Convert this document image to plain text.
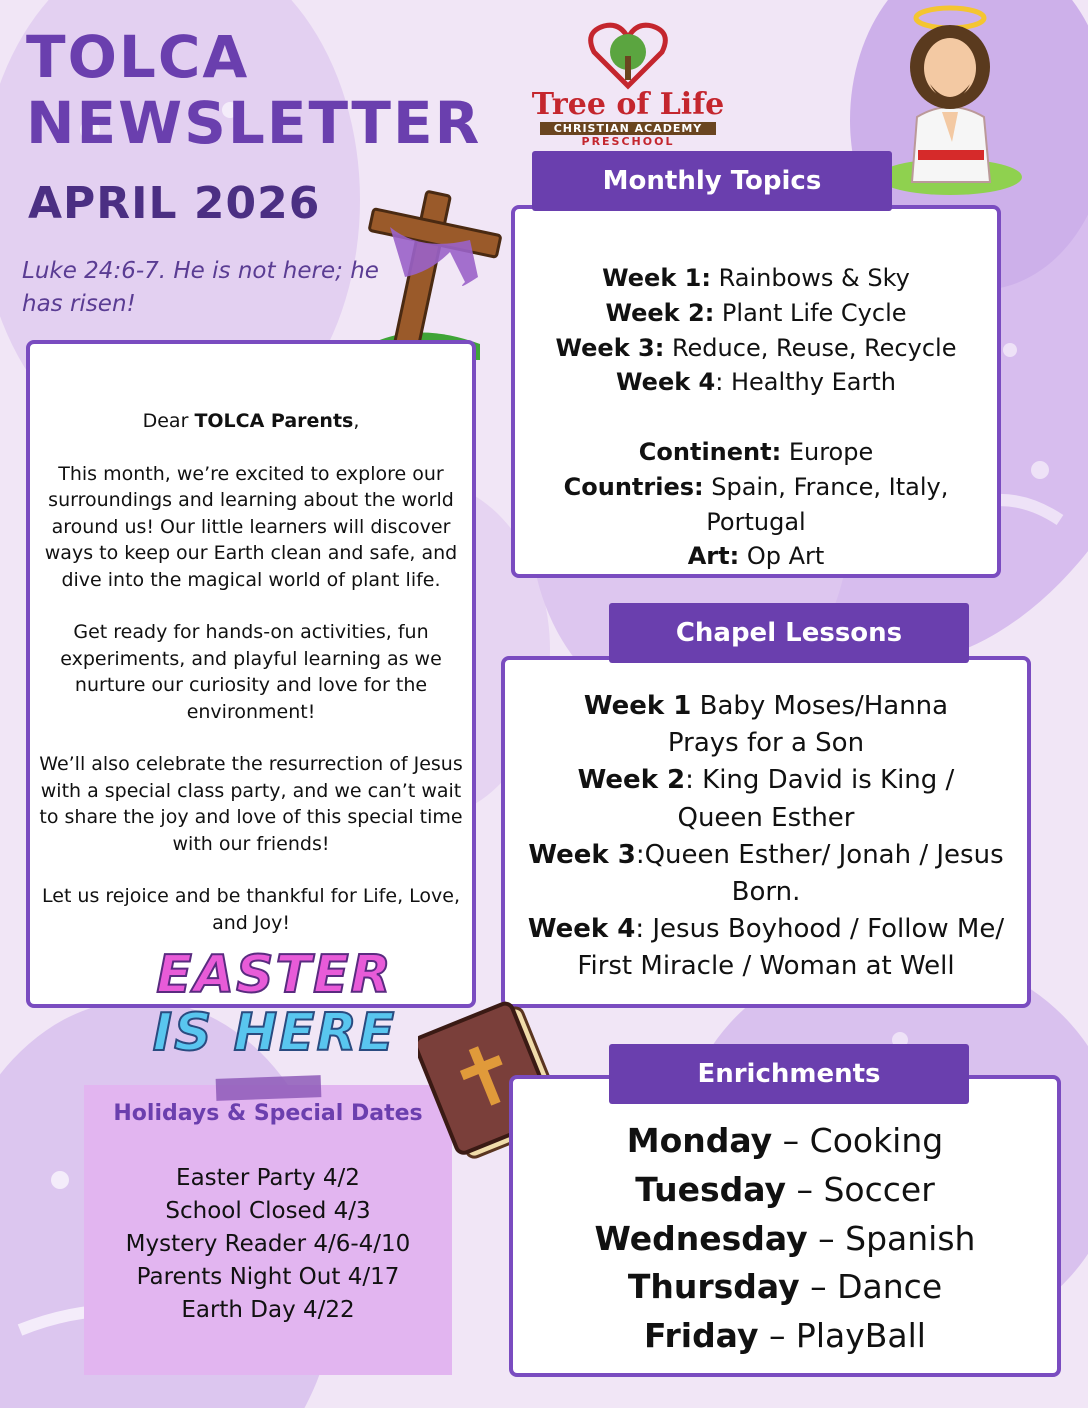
TOLCA
NEWSLETTER
APRIL 2026

Luke 24:6-7. He is not here; he has risen!

Tree of Life
CHRISTIAN ACADEMY
PRESCHOOL

Dear TOLCA Parents,

This month, we’re excited to explore our surroundings and learning about the world around us! Our little learners will discover ways to keep our Earth clean and safe, and dive into the magical world of plant life.

Get ready for hands-on activities, fun experiments, and playful learning as we nurture our curiosity and love for the environment!

We’ll also celebrate the resurrection of Jesus with a special class party, and we can’t wait to share the joy and love of this special time with our friends!

Let us rejoice and be thankful for Life, Love, and Joy!

EASTER
IS HERE
Holidays & Special Dates
Easter Party 4/2
School Closed 4/3
Mystery Reader 4/6-4/10
Parents Night Out 4/17
Earth Day 4/22
Week 1: Rainbows & Sky
Week 2: Plant Life Cycle
Week 3: Reduce, Reuse, Recycle
Week 4: Healthy Earth
Continent: Europe
Countries: Spain, France, Italy,
Portugal
Art: Op Art
Monthly Topics
Week 1 Baby Moses/Hanna
Prays for a Son
Week 2: King David is King /
Queen Esther
Week 3:Queen Esther/ Jonah / Jesus
Born.
Week 4: Jesus Boyhood / Follow Me/
First Miracle / Woman at Well
Chapel Lessons
Monday – Cooking
Tuesday – Soccer
Wednesday – Spanish
Thursday – Dance
Friday – PlayBall
Enrichments
